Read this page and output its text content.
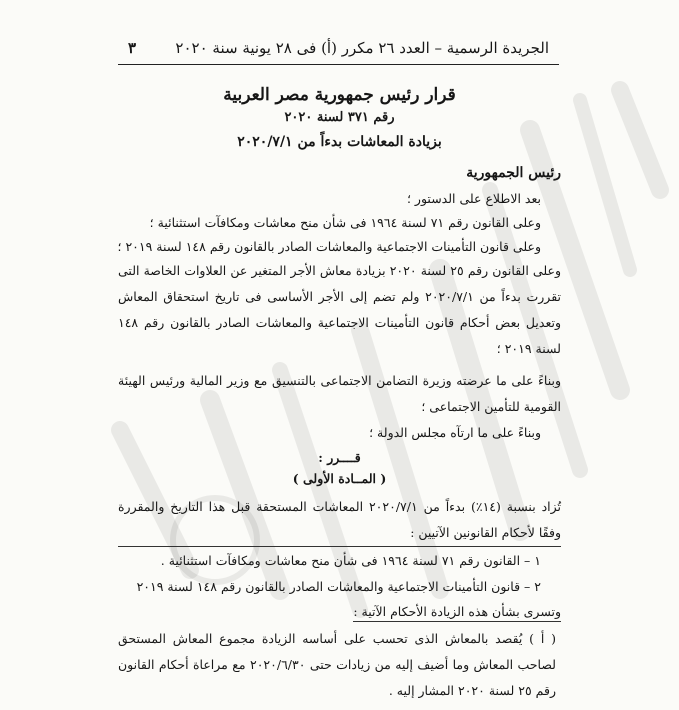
الجريدة الرسمية – العدد ٢٦ مكرر (أ) فى ٢٨ يونية سنة ٢٠٢٠
٣
قرار رئيس جمهورية مصر العربية
رقم ٣٧١ لسنة ٢٠٢٠
بزيادة المعاشات بدءاً من ٢٠٢٠/٧/١
رئيس الجمهورية
بعد الاطلاع على الدستور ؛
وعلى القانون رقم ٧١ لسنة ١٩٦٤ فى شأن منح معاشات ومكافآت استثنائية ؛
وعلى قانون التأمينات الاجتماعية والمعاشات الصادر بالقانون رقم ١٤٨ لسنة ٢٠١٩ ؛
وعلى القانون رقم ٢٥ لسنة ٢٠٢٠ بزيادة معاش الأجر المتغير عن العلاوات الخاصة التى تقررت بدءاً من ٢٠٢٠/٧/١ ولم تضم إلى الأجر الأساسى فى تاريخ استحقاق المعاش وتعديل بعض أحكام قانون التأمينات الاجتماعية والمعاشات الصادر بالقانون رقم ١٤٨ لسنة ٢٠١٩ ؛
وبناءً على ما عرضته وزيرة التضامن الاجتماعى بالتنسيق مع وزير المالية ورئيس الهيئة القومية للتأمين الاجتماعى ؛
وبناءً على ما ارتآه مجلس الدولة ؛
قــــرر :
( المــادة الأولى )
تُزاد بنسبة (١٤٪) بدءاً من ٢٠٢٠/٧/١ المعاشات المستحقة قبل هذا التاريخ والمقررة وفقًا لأحكام القانونين الآتيين :
١ – القانون رقم ٧١ لسنة ١٩٦٤ فى شأن منح معاشات ومكافآت استثنائية .
٢ – قانون التأمينات الاجتماعية والمعاشات الصادر بالقانون رقم ١٤٨ لسنة ٢٠١٩
وتسرى بشأن هذه الزيادة الأحكام الآتية :
( أ ) يُقصد بالمعاش الذى تحسب على أساسه الزيادة مجموع المعاش المستحق لصاحب المعاش وما أضيف إليه من زيادات حتى ٢٠٢٠/٦/٣٠ مع مراعاة أحكام القانون رقم ٢٥ لسنة ٢٠٢٠ المشار إليه .
